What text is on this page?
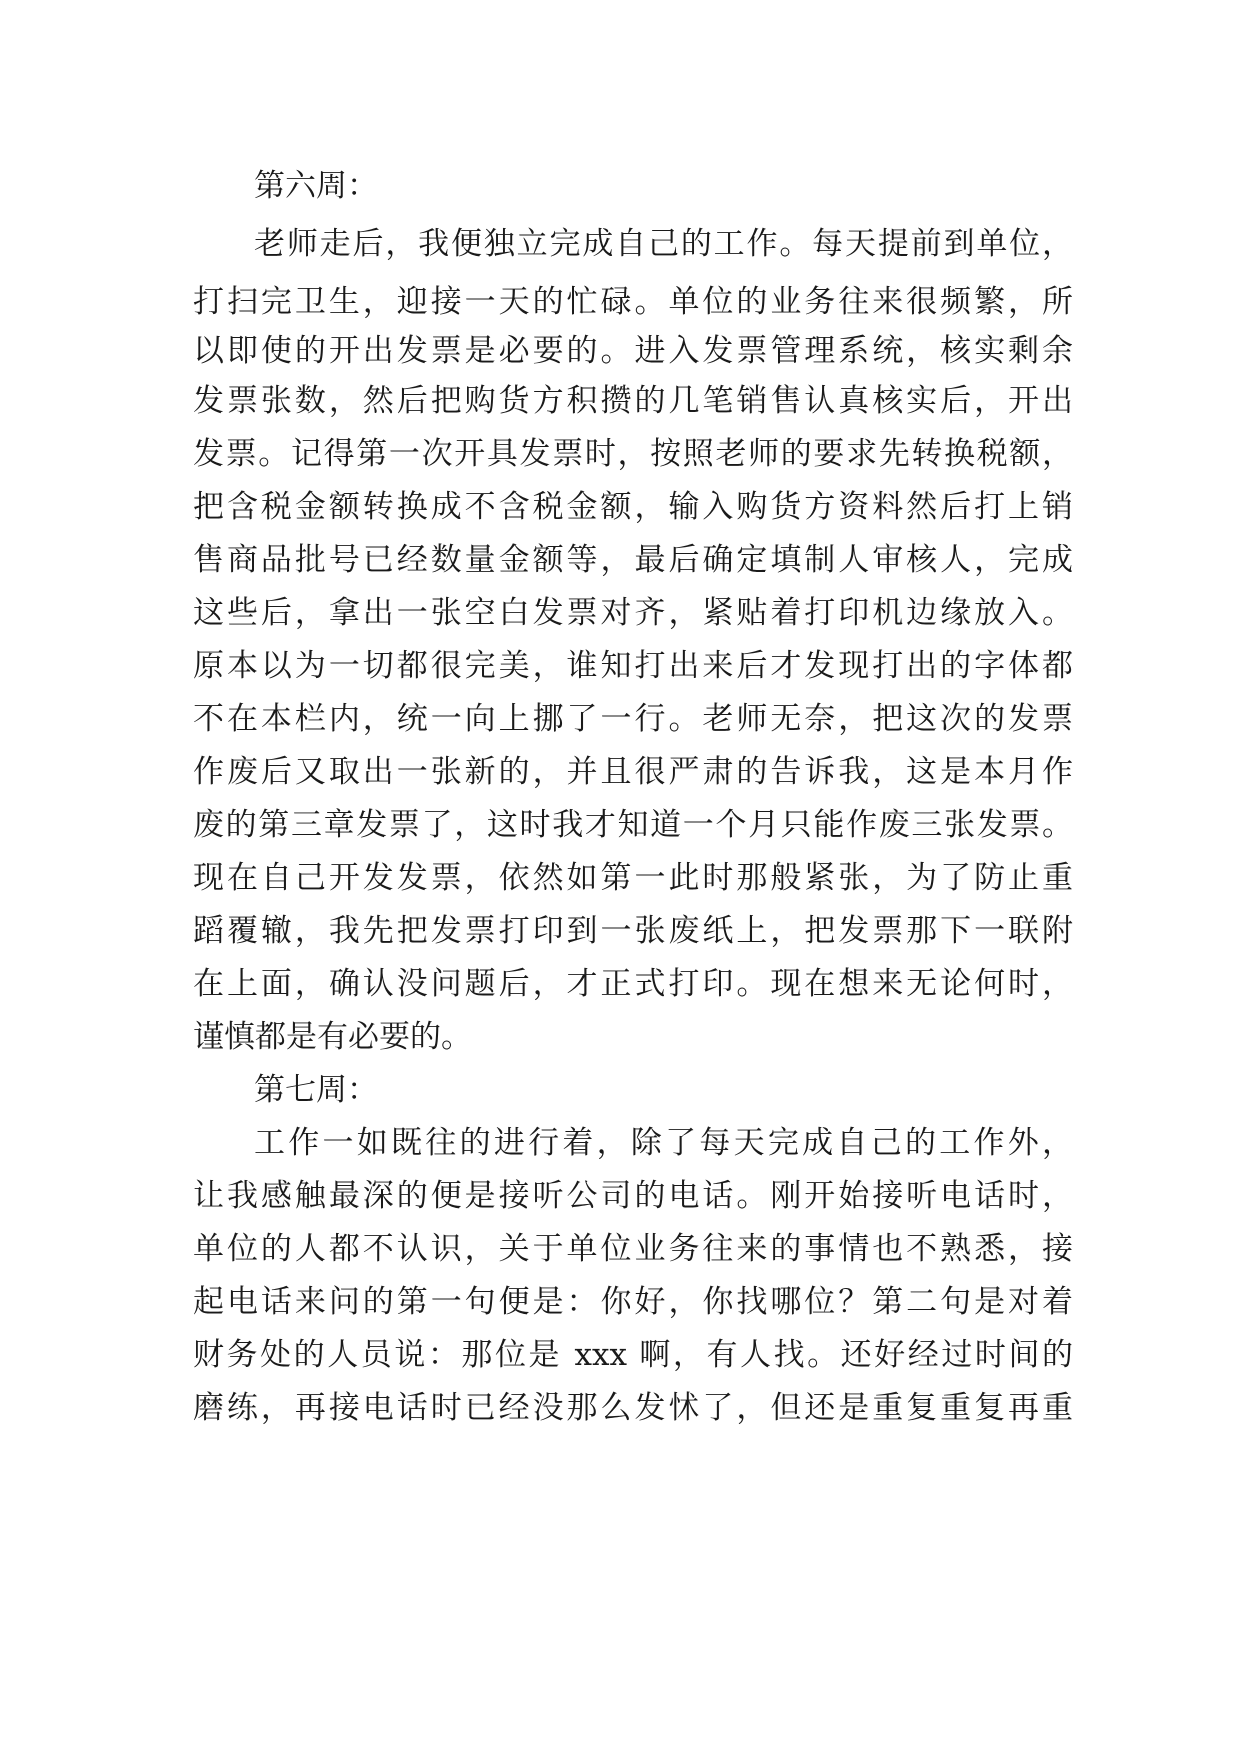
第六周：
老师走后，我便独立完成自己的工作。每天提前到单位，
打扫完卫生，迎接一天的忙碌。单位的业务往来很频繁，所
以即使的开出发票是必要的。进入发票管理系统，核实剩余
发票张数，然后把购货方积攒的几笔销售认真核实后，开出
发票。记得第一次开具发票时，按照老师的要求先转换税额，
把含税金额转换成不含税金额，输入购货方资料然后打上销
售商品批号已经数量金额等，最后确定填制人审核人，完成
这些后，拿出一张空白发票对齐，紧贴着打印机边缘放入。
原本以为一切都很完美，谁知打出来后才发现打出的字体都
不在本栏内，统一向上挪了一行。老师无奈，把这次的发票
作废后又取出一张新的，并且很严肃的告诉我，这是本月作
废的第三章发票了，这时我才知道一个月只能作废三张发票。
现在自己开发发票，依然如第一此时那般紧张，为了防止重
蹈覆辙，我先把发票打印到一张废纸上，把发票那下一联附
在上面，确认没问题后，才正式打印。现在想来无论何时，
谨慎都是有必要的。
第七周：
工作一如既往的进行着，除了每天完成自己的工作外，
让我感触最深的便是接听公司的电话。刚开始接听电话时，
单位的人都不认识，关于单位业务往来的事情也不熟悉，接
起电话来问的第一句便是：你好，你找哪位？第二句是对着
财务处的人员说：那位是 xxx 啊，有人找。还好经过时间的
磨练，再接电话时已经没那么发怵了，但还是重复重复再重
